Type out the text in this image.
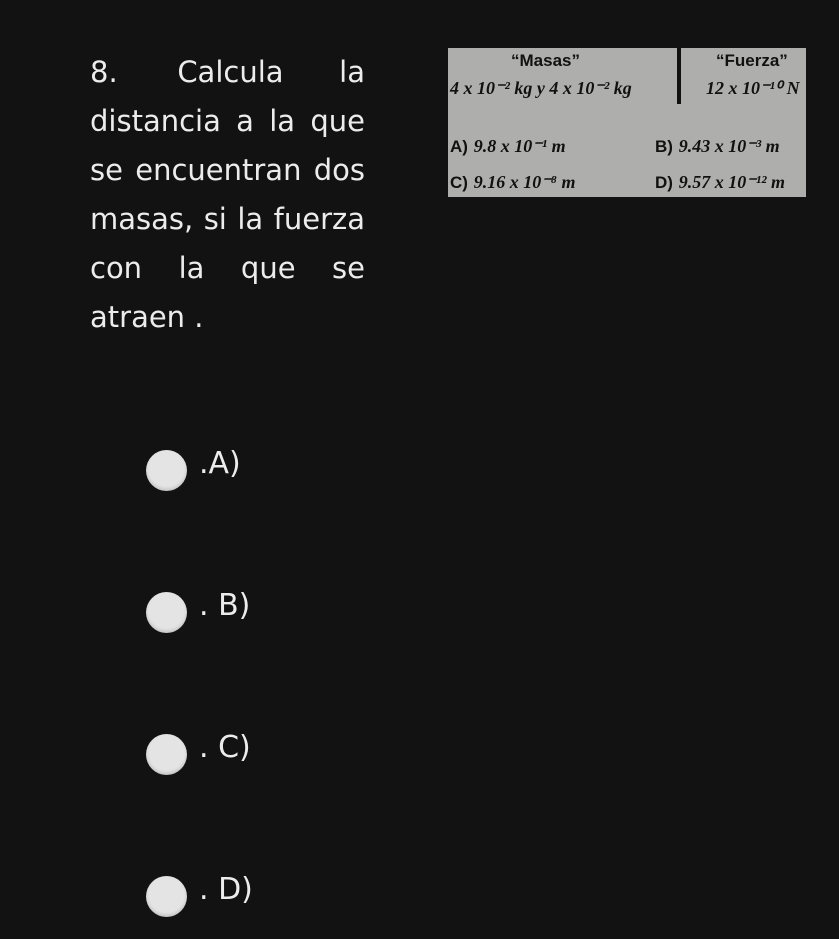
8. Calcula la distancia a la que se encuentran dos masas, si la fuerza con la que se atraen .

“Masas”	“Fuerza”
4 x 10⁻² kg y 4 x 10⁻² kg	12 x 10⁻¹⁰ N
A) 9.8 x 10⁻¹ m	B) 9.43 x 10⁻³ m
C) 9.16 x 10⁻⁸ m	D) 9.57 x 10⁻¹² m
.A)
. B)
. C)
. D)
